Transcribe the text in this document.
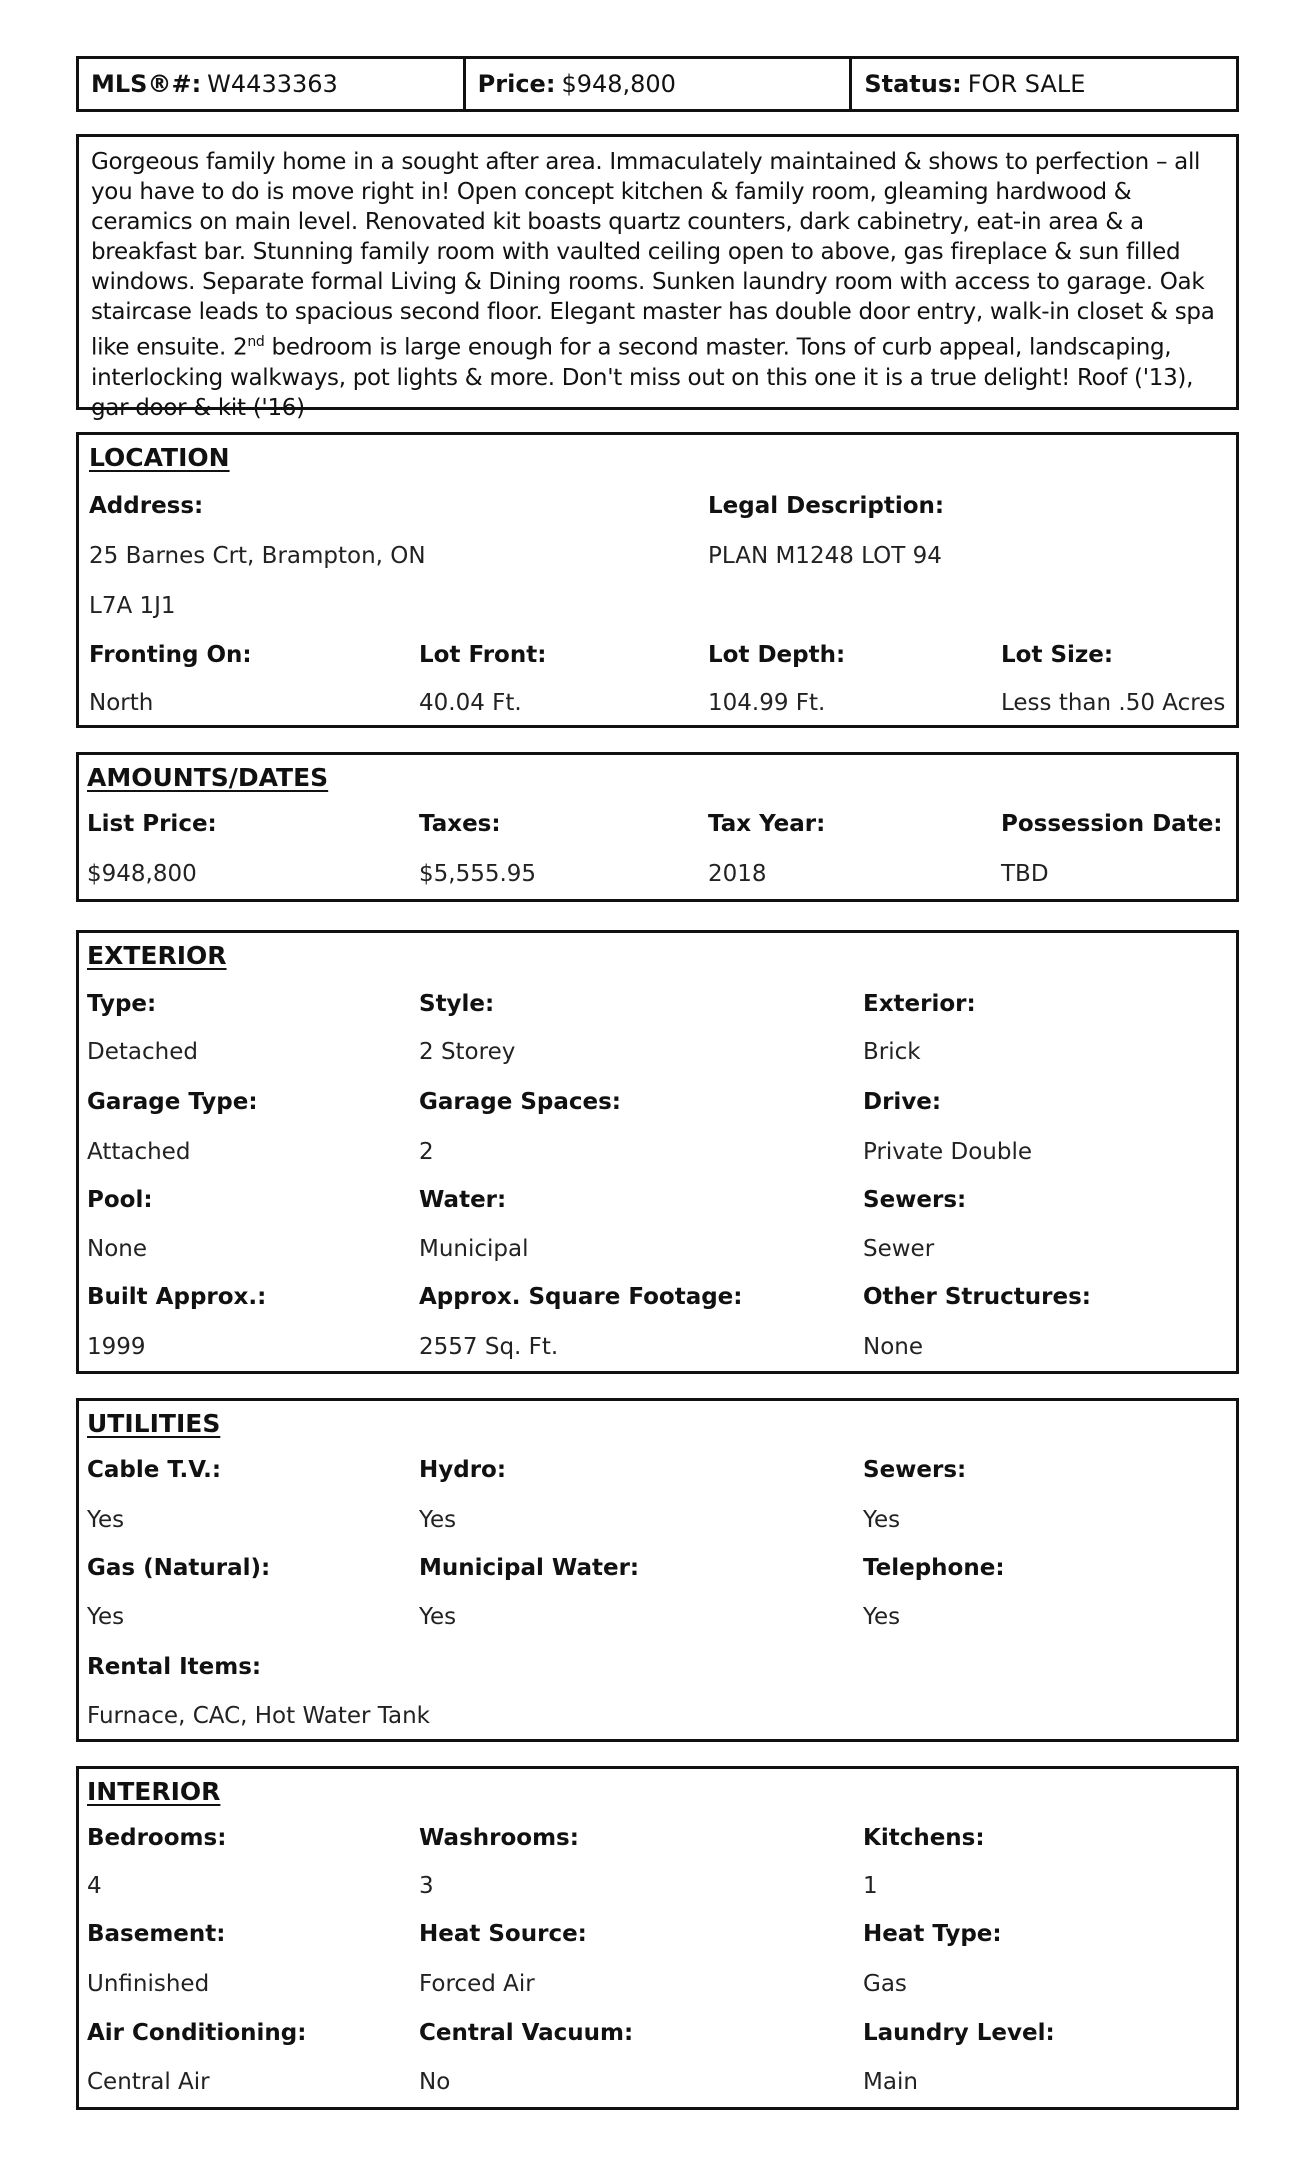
MLS®#: W4433363	Price: $948,800	Status: FOR SALE

Gorgeous family home in a sought after area. Immaculately maintained & shows to perfection – all you have to do is move right in! Open concept kitchen & family room, gleaming hardwood & ceramics on main level. Renovated kit boasts quartz counters, dark cabinetry, eat-in area & a breakfast bar. Stunning family room with vaulted ceiling open to above, gas fireplace & sun filled windows. Separate formal Living & Dining rooms. Sunken laundry room with access to garage. Oak staircase leads to spacious second floor. Elegant master has double door entry, walk-in closet & spa like ensuite. 2nd bedroom is large enough for a second master. Tons of curb appeal, landscaping, interlocking walkways, pot lights & more. Don't miss out on this one it is a true delight! Roof ('13), gar door & kit ('16)

LOCATION
Address:
25 Barnes Crt, Brampton, ON
L7A 1J1
Legal Description:
PLAN M1248 LOT 94
Fronting On:
North
Lot Front:
40.04 Ft.
Lot Depth:
104.99 Ft.
Lot Size:
Less than .50 Acres
AMOUNTS/DATES
List Price:
$948,800
Taxes:
$5,555.95
Tax Year:
2018
Possession Date:
TBD
EXTERIOR
Type:
Detached
Style:
2 Storey
Exterior:
Brick
Garage Type:
Attached
Garage Spaces:
2
Drive:
Private Double
Pool:
None
Water:
Municipal
Sewers:
Sewer
Built Approx.:
1999
Approx. Square Footage:
2557 Sq. Ft.
Other Structures:
None
UTILITIES
Cable T.V.:
Yes
Hydro:
Yes
Sewers:
Yes
Gas (Natural):
Yes
Municipal Water:
Yes
Telephone:
Yes
Rental Items:
Furnace, CAC, Hot Water Tank
INTERIOR
Bedrooms:
4
Washrooms:
3
Kitchens:
1
Basement:
Unfinished
Heat Source:
Forced Air
Heat Type:
Gas
Air Conditioning:
Central Air
Central Vacuum:
No
Laundry Level:
Main
